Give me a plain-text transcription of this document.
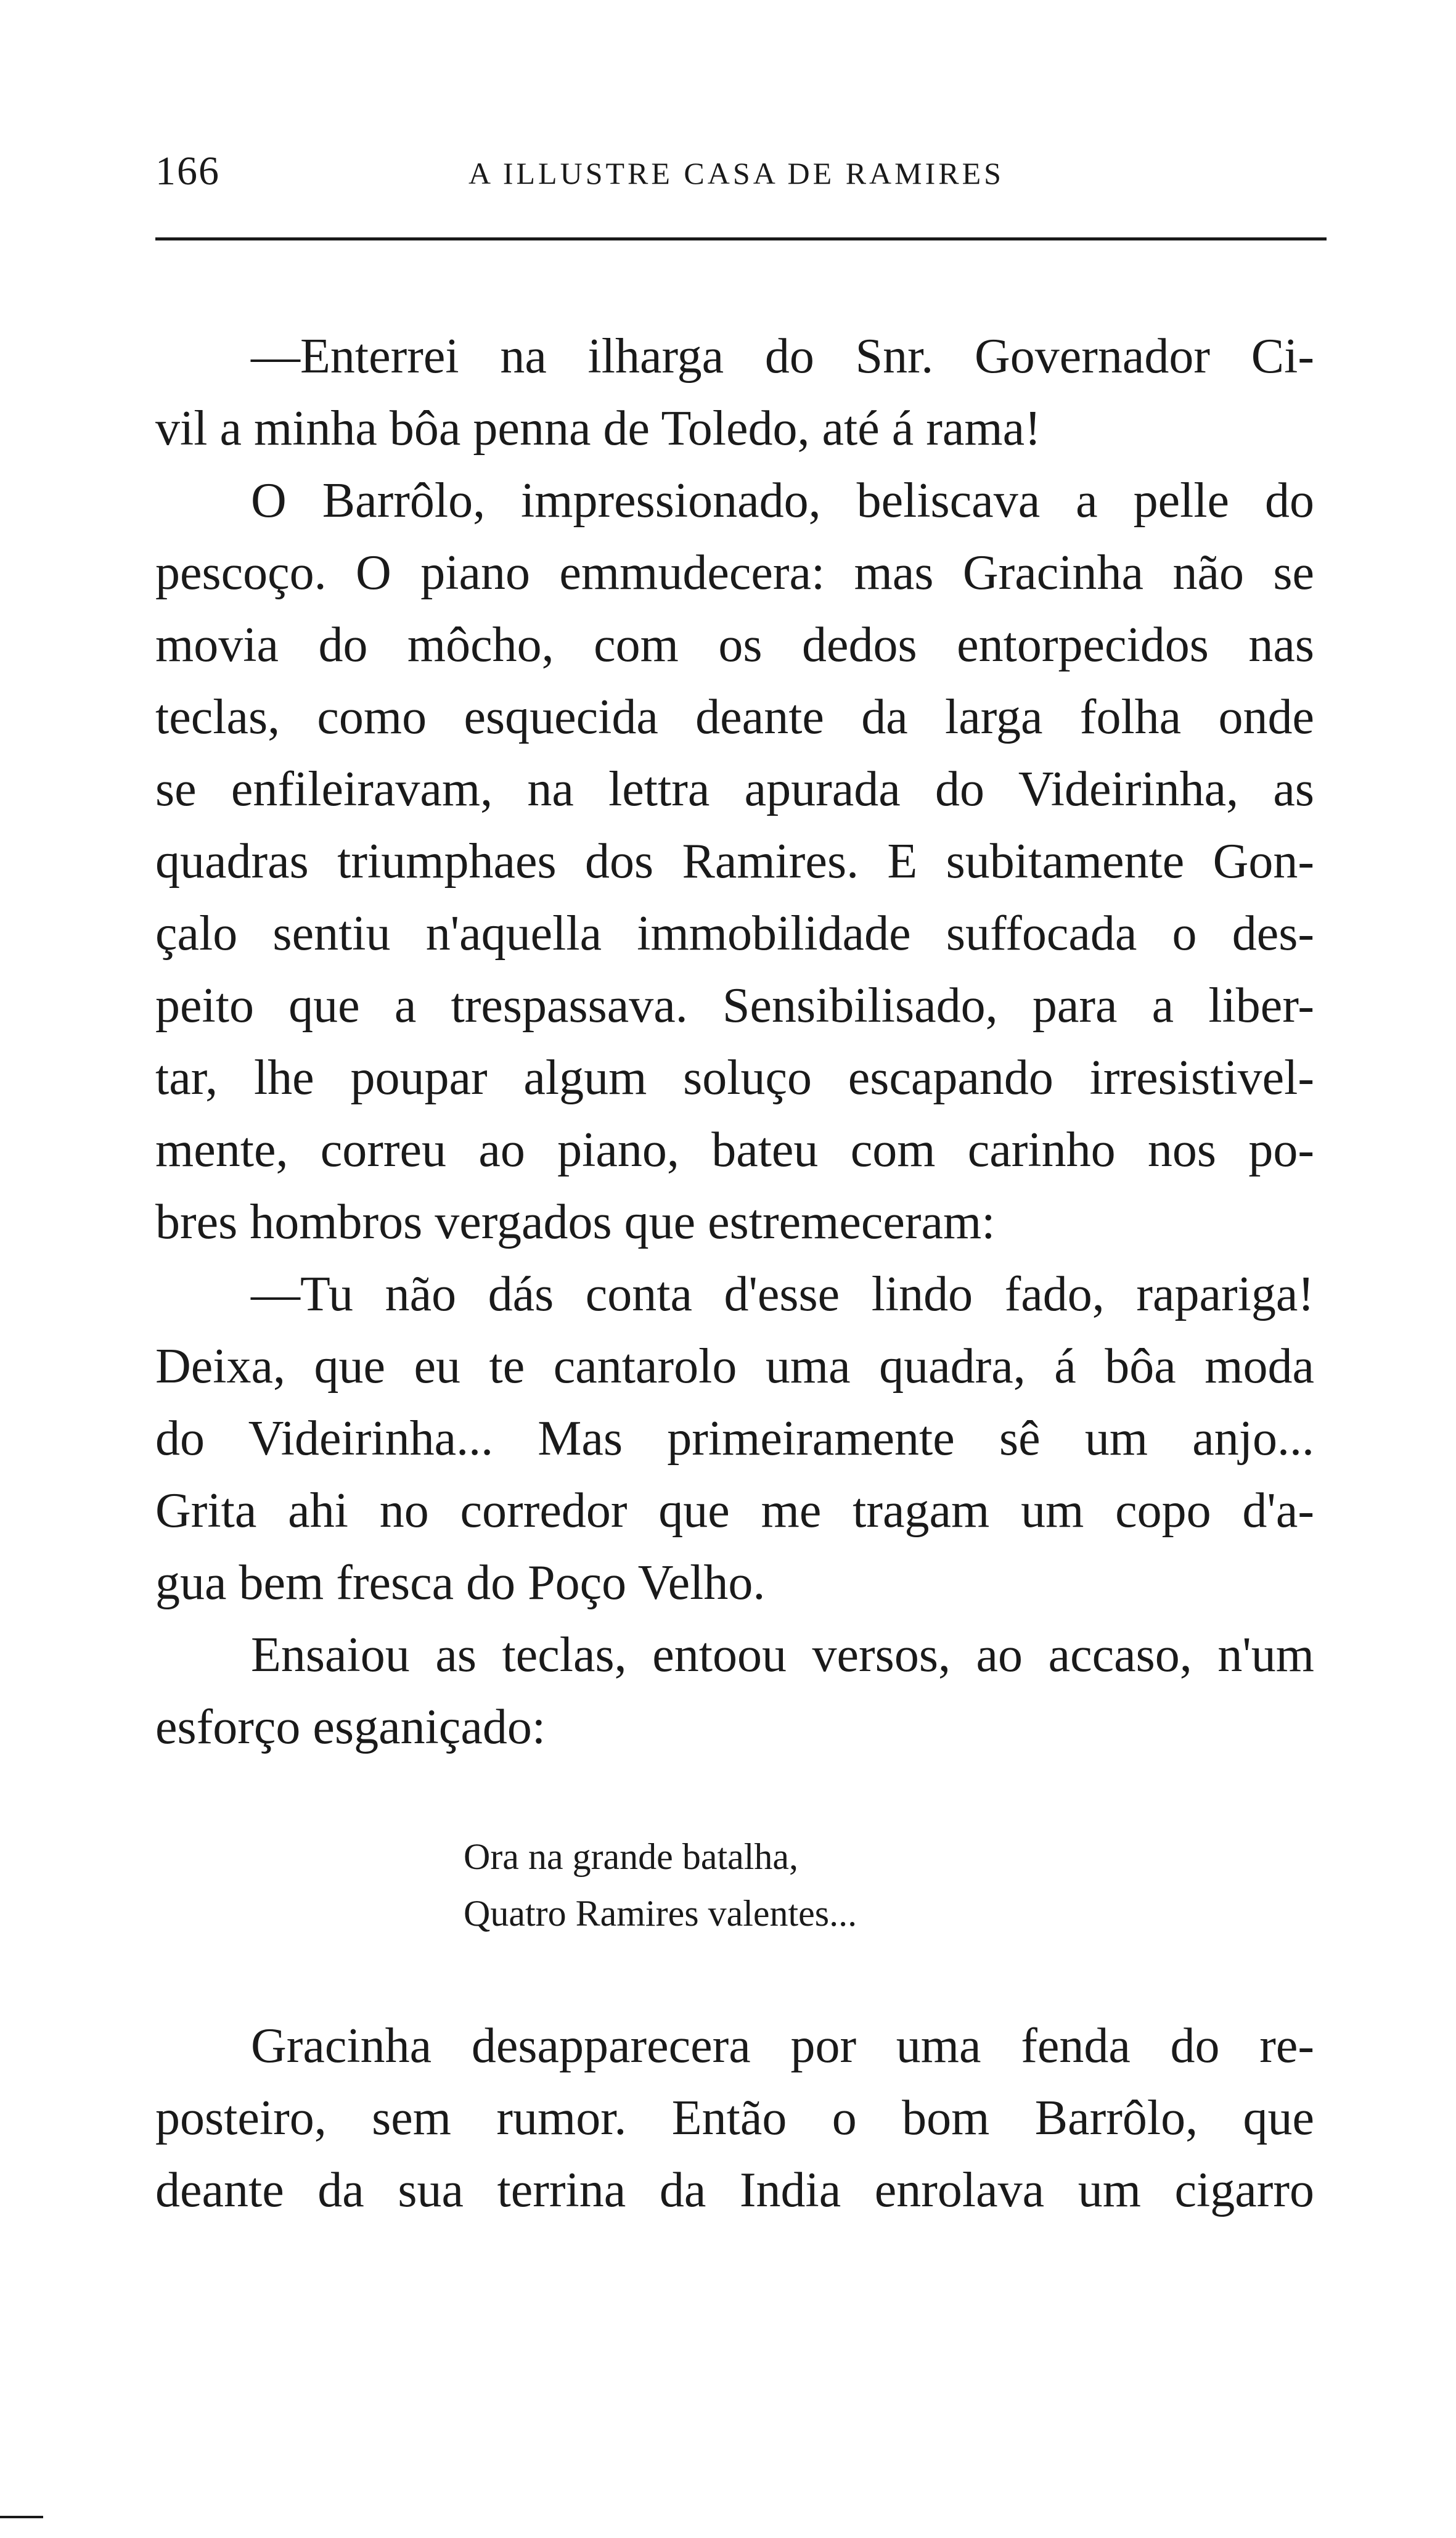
166	A ILLUSTRE CASA DE RAMIRES
—Enterrei na ilharga do Snr. Governador Ci-
vil a minha bôa penna de Toledo, até á rama!
O Barrôlo, impressionado, beliscava a pelle do
pescoço. O piano emmudecera: mas Gracinha não se
movia do môcho, com os dedos entorpecidos nas
teclas, como esquecida deante da larga folha onde
se enfileiravam, na lettra apurada do Videirinha, as
quadras triumphaes dos Ramires. E subitamente Gon-
çalo sentiu n'aquella immobilidade suffocada o des-
peito que a trespassava. Sensibilisado, para a liber-
tar, lhe poupar algum soluço escapando irresistivel-
mente, correu ao piano, bateu com carinho nos po-
bres hombros vergados que estremeceram:
—Tu não dás conta d'esse lindo fado, rapariga!
Deixa, que eu te cantarolo uma quadra, á bôa moda
do Videirinha... Mas primeiramente sê um anjo...
Grita ahi no corredor que me tragam um copo d'a-
gua bem fresca do Poço Velho.
Ensaiou as teclas, entoou versos, ao accaso, n'um
esforço esganiçado:
Ora na grande batalha,
Quatro Ramires valentes...
Gracinha desapparecera por uma fenda do re-
posteiro, sem rumor. Então o bom Barrôlo, que
deante da sua terrina da India enrolava um cigarro
